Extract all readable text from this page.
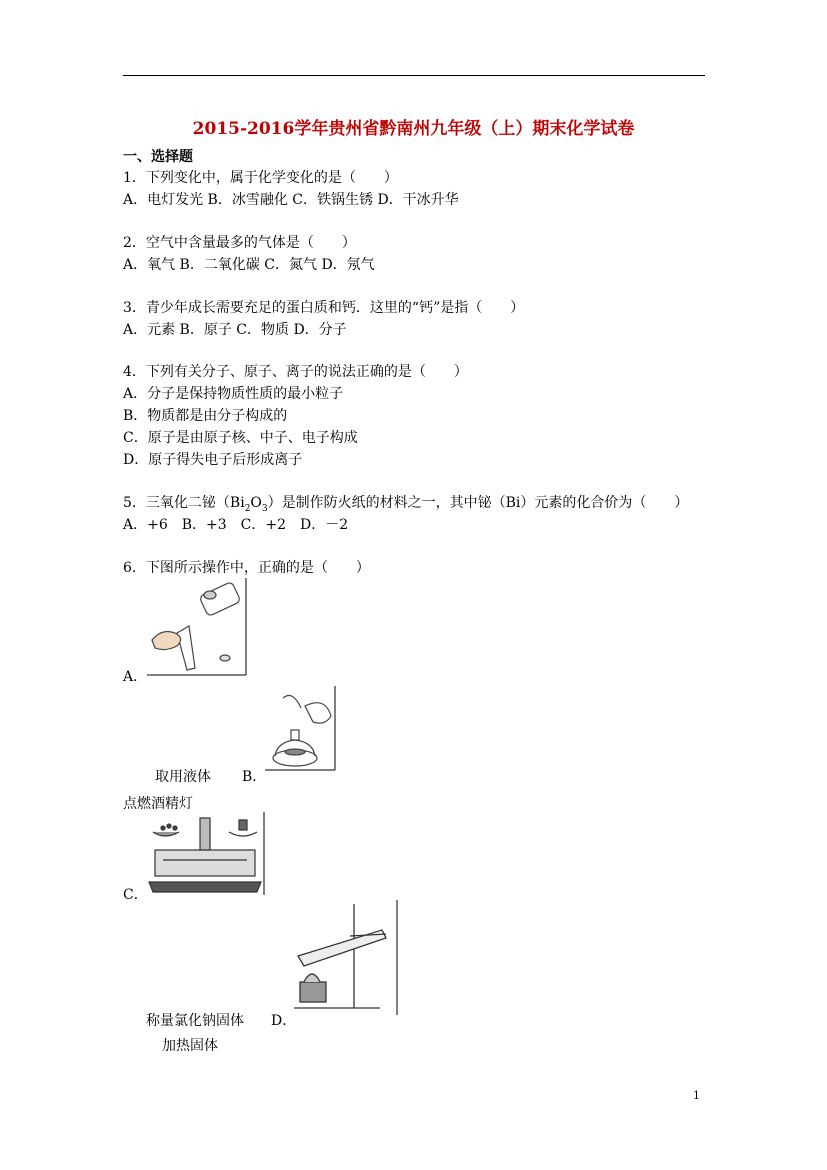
2015-2016学年贵州省黔南州九年级（上）期末化学试卷
一、选择题
1．下列变化中，属于化学变化的是（　　）
A．电灯发光 B．冰雪融化 C．铁锅生锈 D．干冰升华
2．空气中含量最多的气体是（　　）
A．氧气 B．二氧化碳 C．氮气 D．氖气
3．青少年成长需要充足的蛋白质和钙．这里的“钙”是指（　　）
A．元素 B．原子 C．物质 D．分子
4．下列有关分子、原子、离子的说法正确的是（　　）
A．分子是保持物质性质的最小粒子
B．物质都是由分子构成的
C．原子是由原子核、中子、电子构成
D．原子得失电子后形成离子
5．三氧化二铋$(Bi_2O_3)$是制作防火纸的材料之一，其中铋（Bi）元素的化合价为（　　）
A．+6　B．+3　C．+2　D．－2
6．下图所示操作中，正确的是（　　）
A．
取用液体 B．
点燃酒精灯
C．
称量氯化钠固体 D．
加热固体
1
